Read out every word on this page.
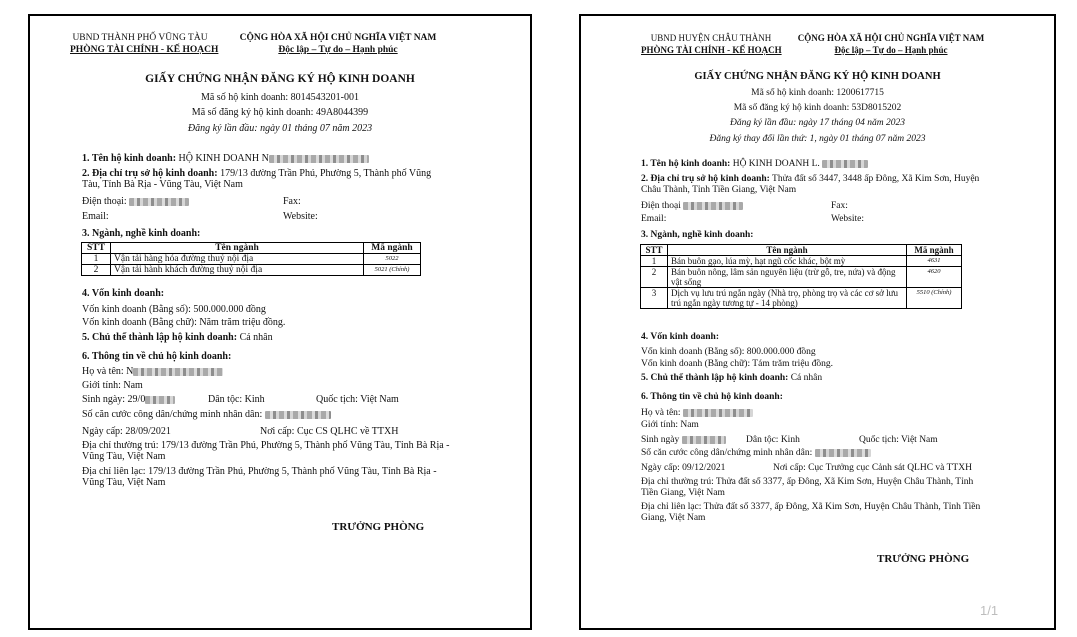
UBND THÀNH PHỐ VŨNG TÀU
PHÒNG TÀI CHÍNH - KẾ HOẠCH
CỘNG HÒA XÃ HỘI CHỦ NGHĨA VIỆT NAM
Độc lập – Tự do – Hạnh phúc
GIẤY CHỨNG NHẬN ĐĂNG KÝ HỘ KINH DOANH
Mã số hộ kinh doanh: 8014543201-001
Mã số đăng ký hộ kinh doanh: 49A8044399
Đăng ký lần đầu: ngày 01 tháng 07 năm 2023
1. Tên hộ kinh doanh: HỘ KINH DOANH N
2. Địa chỉ trụ sở hộ kinh doanh: 179/13 đường Trần Phú, Phường 5, Thành phố Vũng Tàu, Tỉnh Bà Rịa - Vũng Tàu, Việt Nam
Điện thoại:	Fax:
Email:	Website:
3. Ngành, nghề kinh doanh:
STT	Tên ngành	Mã ngành
1	Vận tải hàng hóa đường thuỷ nội địa	5022
2	Vận tải hành khách đường thuỷ nội địa	5021 (Chính)
4. Vốn kinh doanh:
Vốn kinh doanh (Bằng số): 500.000.000 đồng
Vốn kinh doanh (Bằng chữ): Năm trăm triệu đồng.
5. Chủ thể thành lập hộ kinh doanh: Cá nhân
6. Thông tin về chủ hộ kinh doanh:
Họ và tên: N
Giới tính: Nam
Sinh ngày: 29/0	Dân tộc: Kinh	Quốc tịch: Việt Nam
Số căn cước công dân/chứng minh nhân dân:
Ngày cấp: 28/09/2021	Nơi cấp: Cục CS QLHC về TTXH
Địa chỉ thường trú: 179/13 đường Trần Phú, Phường 5, Thành phố Vũng Tàu, Tỉnh Bà Rịa - Vũng Tàu, Việt Nam
Địa chỉ liên lạc: 179/13 đường Trần Phú, Phường 5, Thành phố Vũng Tàu, Tỉnh Bà Rịa - Vũng Tàu, Việt Nam
TRƯỞNG PHÒNG
UBND HUYỆN CHÂU THÀNH
PHÒNG TÀI CHÍNH - KẾ HOẠCH
CỘNG HÒA XÃ HỘI CHỦ NGHĨA VIỆT NAM
Độc lập – Tự do – Hạnh phúc
GIẤY CHỨNG NHẬN ĐĂNG KÝ HỘ KINH DOANH
Mã số hộ kinh doanh: 1200617715
Mã số đăng ký hộ kinh doanh: 53D8015202
Đăng ký lần đầu: ngày 17 tháng 04 năm 2023
Đăng ký thay đổi lần thứ: 1, ngày 01 tháng 07 năm 2023
1. Tên hộ kinh doanh: HỘ KINH DOANH L.
2. Địa chỉ trụ sở hộ kinh doanh: Thửa đất số 3447, 3448 ấp Đông, Xã Kim Sơn, Huyện Châu Thành, Tỉnh Tiền Giang, Việt Nam
Điện thoại	Fax:
Email:	Website:
3. Ngành, nghề kinh doanh:
STT	Tên ngành	Mã ngành
1	Bán buôn gạo, lúa mỳ, hạt ngũ cốc khác, bột mỳ	4631
2	Bán buôn nông, lâm sản nguyên liệu (trừ gỗ, tre, nứa) và động vật sống	4620
3	Dịch vụ lưu trú ngắn ngày (Nhà trọ, phòng trọ và các cơ sở lưu trú ngắn ngày tương tự - 14 phòng)	5510 (Chính)
4. Vốn kinh doanh:
Vốn kinh doanh (Bằng số): 800.000.000 đồng
Vốn kinh doanh (Bằng chữ): Tám trăm triệu đồng.
5. Chủ thể thành lập hộ kinh doanh: Cá nhân
6. Thông tin về chủ hộ kinh doanh:
Họ và tên:
Giới tính: Nam
Sinh ngày	Dân tộc: Kinh	Quốc tịch: Việt Nam
Số căn cước công dân/chứng minh nhân dân:
Ngày cấp: 09/12/2021	Nơi cấp: Cục Trưởng cục Cảnh sát QLHC và TTXH
Địa chỉ thường trú: Thửa đất số 3377, ấp Đông, Xã Kim Sơn, Huyện Châu Thành, Tỉnh Tiền Giang, Việt Nam
Địa chỉ liên lạc: Thửa đất số 3377, ấp Đông, Xã Kim Sơn, Huyện Châu Thành, Tỉnh Tiền Giang, Việt Nam
TRƯỞNG PHÒNG
1/1
